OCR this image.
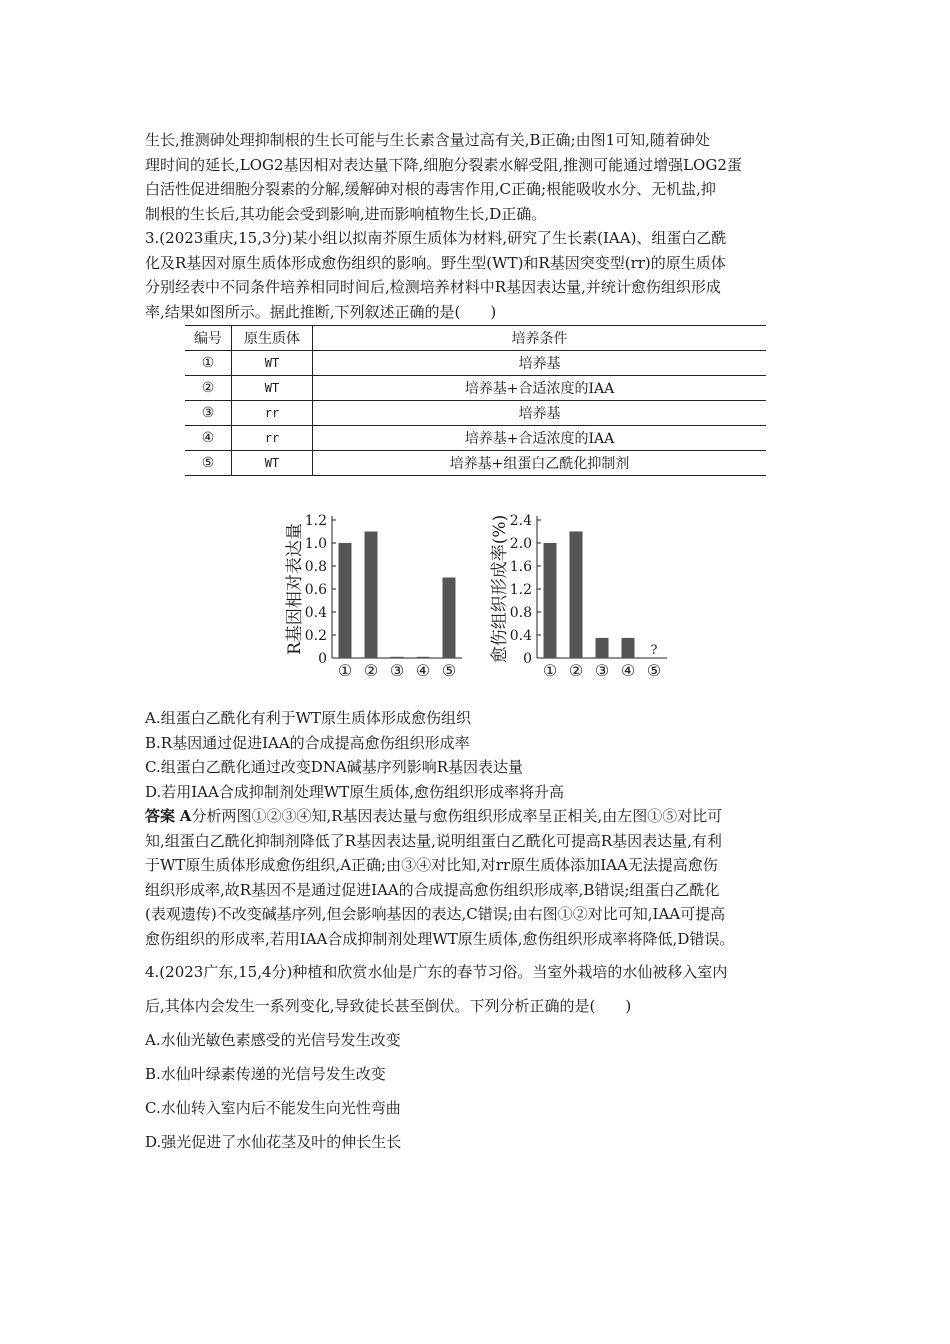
生长,推测砷处理抑制根的生长可能与生长素含量过高有关,B正确;由图1可知,随着砷处

理时间的延长,LOG2基因相对表达量下降,细胞分裂素水解受阻,推测可能通过增强LOG2蛋

白活性促进细胞分裂素的分解,缓解砷对根的毒害作用,C正确;根能吸收水分、无机盐,抑

制根的生长后,其功能会受到影响,进而影响植物生长,D正确。

3.(2023重庆,15,3分)某小组以拟南芥原生质体为材料,研究了生长素(IAA)、组蛋白乙酰

化及R基因对原生质体形成愈伤组织的影响。野生型(WT)和R基因突变型(rr)的原生质体

分别经表中不同条件培养相同时间后,检测培养材料中R基因表达量,并统计愈伤组织形成

率,结果如图所示。据此推断,下列叙述正确的是(　　)

编号	原生质体	培养条件
①	WT	培养基
②	WT	培养基+合适浓度的IAA
③	rr	培养基
④	rr	培养基+合适浓度的IAA
⑤	WT	培养基+组蛋白乙酰化抑制剂
R基因相对表达量
1.2
1.0
0.8
0.6
0.4
0.2
0
① ② ③ ④ ⑤
愈伤组织形成率(%) 2.4
2.0
1.6
1.2
0.8
0.4
0
① ② ③ ④
?
⑤

A.组蛋白乙酰化有利于WT原生质体形成愈伤组织

B.R基因通过促进IAA的合成提高愈伤组织形成率

C.组蛋白乙酰化通过改变DNA碱基序列影响R基因表达量

D.若用IAA合成抑制剂处理WT原生质体,愈伤组织形成率将升高

答案 A分析两图①②③④知,R基因表达量与愈伤组织形成率呈正相关,由左图①⑤对比可

知,组蛋白乙酰化抑制剂降低了R基因表达量,说明组蛋白乙酰化可提高R基因表达量,有利

于WT原生质体形成愈伤组织,A正确;由③④对比知,对rr原生质体添加IAA无法提高愈伤

组织形成率,故R基因不是通过促进IAA的合成提高愈伤组织形成率,B错误;组蛋白乙酰化

(表观遗传)不改变碱基序列,但会影响基因的表达,C错误;由右图①②对比可知,IAA可提高

愈伤组织的形成率,若用IAA合成抑制剂处理WT原生质体,愈伤组织形成率将降低,D错误。

4.(2023广东,15,4分)种植和欣赏水仙是广东的春节习俗。当室外栽培的水仙被移入室内

后,其体内会发生一系列变化,导致徒长甚至倒伏。下列分析正确的是(　　)

A.水仙光敏色素感受的光信号发生改变

B.水仙叶绿素传递的光信号发生改变

C.水仙转入室内后不能发生向光性弯曲

D.强光促进了水仙花茎及叶的伸长生长
